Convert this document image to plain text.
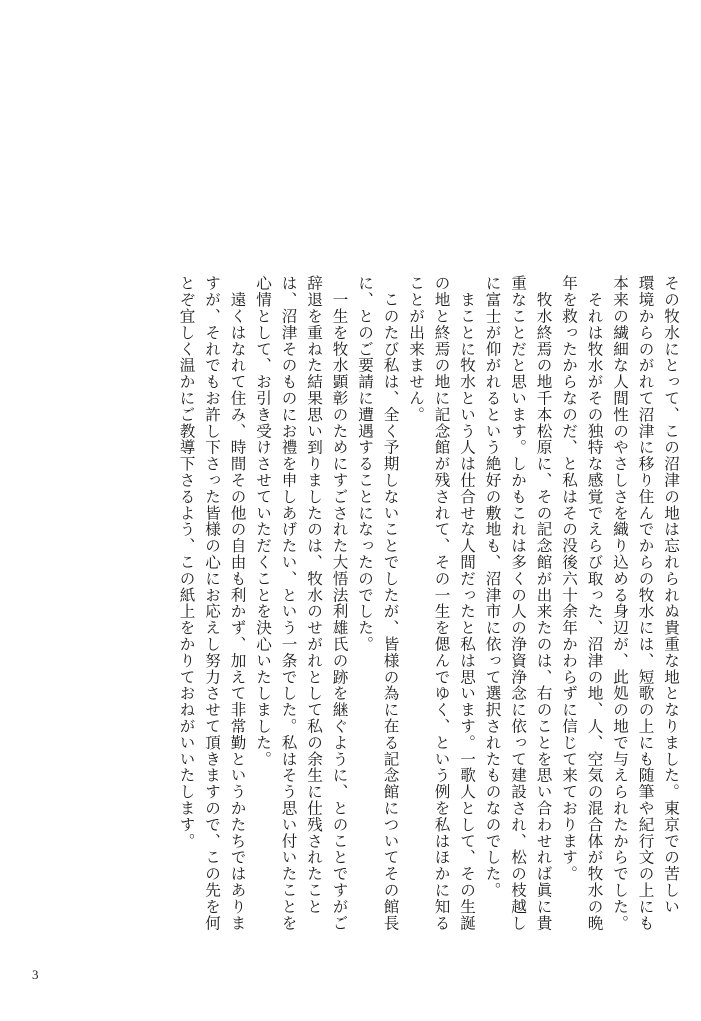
その牧水にとって、この沼津の地は忘れられぬ貴重な地となりました。東京での苦しい
環境からのがれて沼津に移り住んでからの牧水には、短歌の上にも随筆や紀行文の上にも
本来の繊細な人間性のやさしさを織り込める身辺が、此処の地で与えられたからでした。
　それは牧水がその独特な感覚でえらび取った、沼津の地、人、空気の混合体が牧水の晩
年を救ったからなのだ、と私はその没後六十余年かわらずに信じて来ております。
　牧水終焉の地千本松原に、その記念館が出来たのは、右のことを思い合わせれば眞に貴
重なことだと思います。しかもこれは多くの人の浄資浄念に依って建設され、松の枝越し
に富士が仰がれるという絶好の敷地も、沼津市に依って選択されたものなのでした。
　まことに牧水という人は仕合せな人間だったと私は思います。一歌人として、その生誕
の地と終焉の地に記念館が残されて、その一生を偲んでゆく、という例を私はほかに知る
ことが出来ません。
　このたび私は、全く予期しないことでしたが、皆様の為に在る記念館についてその館長
に、とのご要請に遭遇することになったのでした。
　一生を牧水顕彰のためにすごされた大悟法利雄氏の跡を継ぐように、とのことですがご
辞退を重ねた結果思い到りましたのは、牧水のせがれとして私の余生に仕残されたこと
は、沼津そのものにお禮を申しあげたい、という一条でした。私はそう思い付いたことを
心情として、お引き受けさせていただくことを決心いたしました。
　遠くはなれて住み、時間その他の自由も利かず、加えて非常勤というかたちではありま
すが、それでもお許し下さった皆様の心にお応えし努力させて頂きますので、この先を何
とぞ宜しく温かにご教導下さるよう、この紙上をかりておねがいいたします。
3
